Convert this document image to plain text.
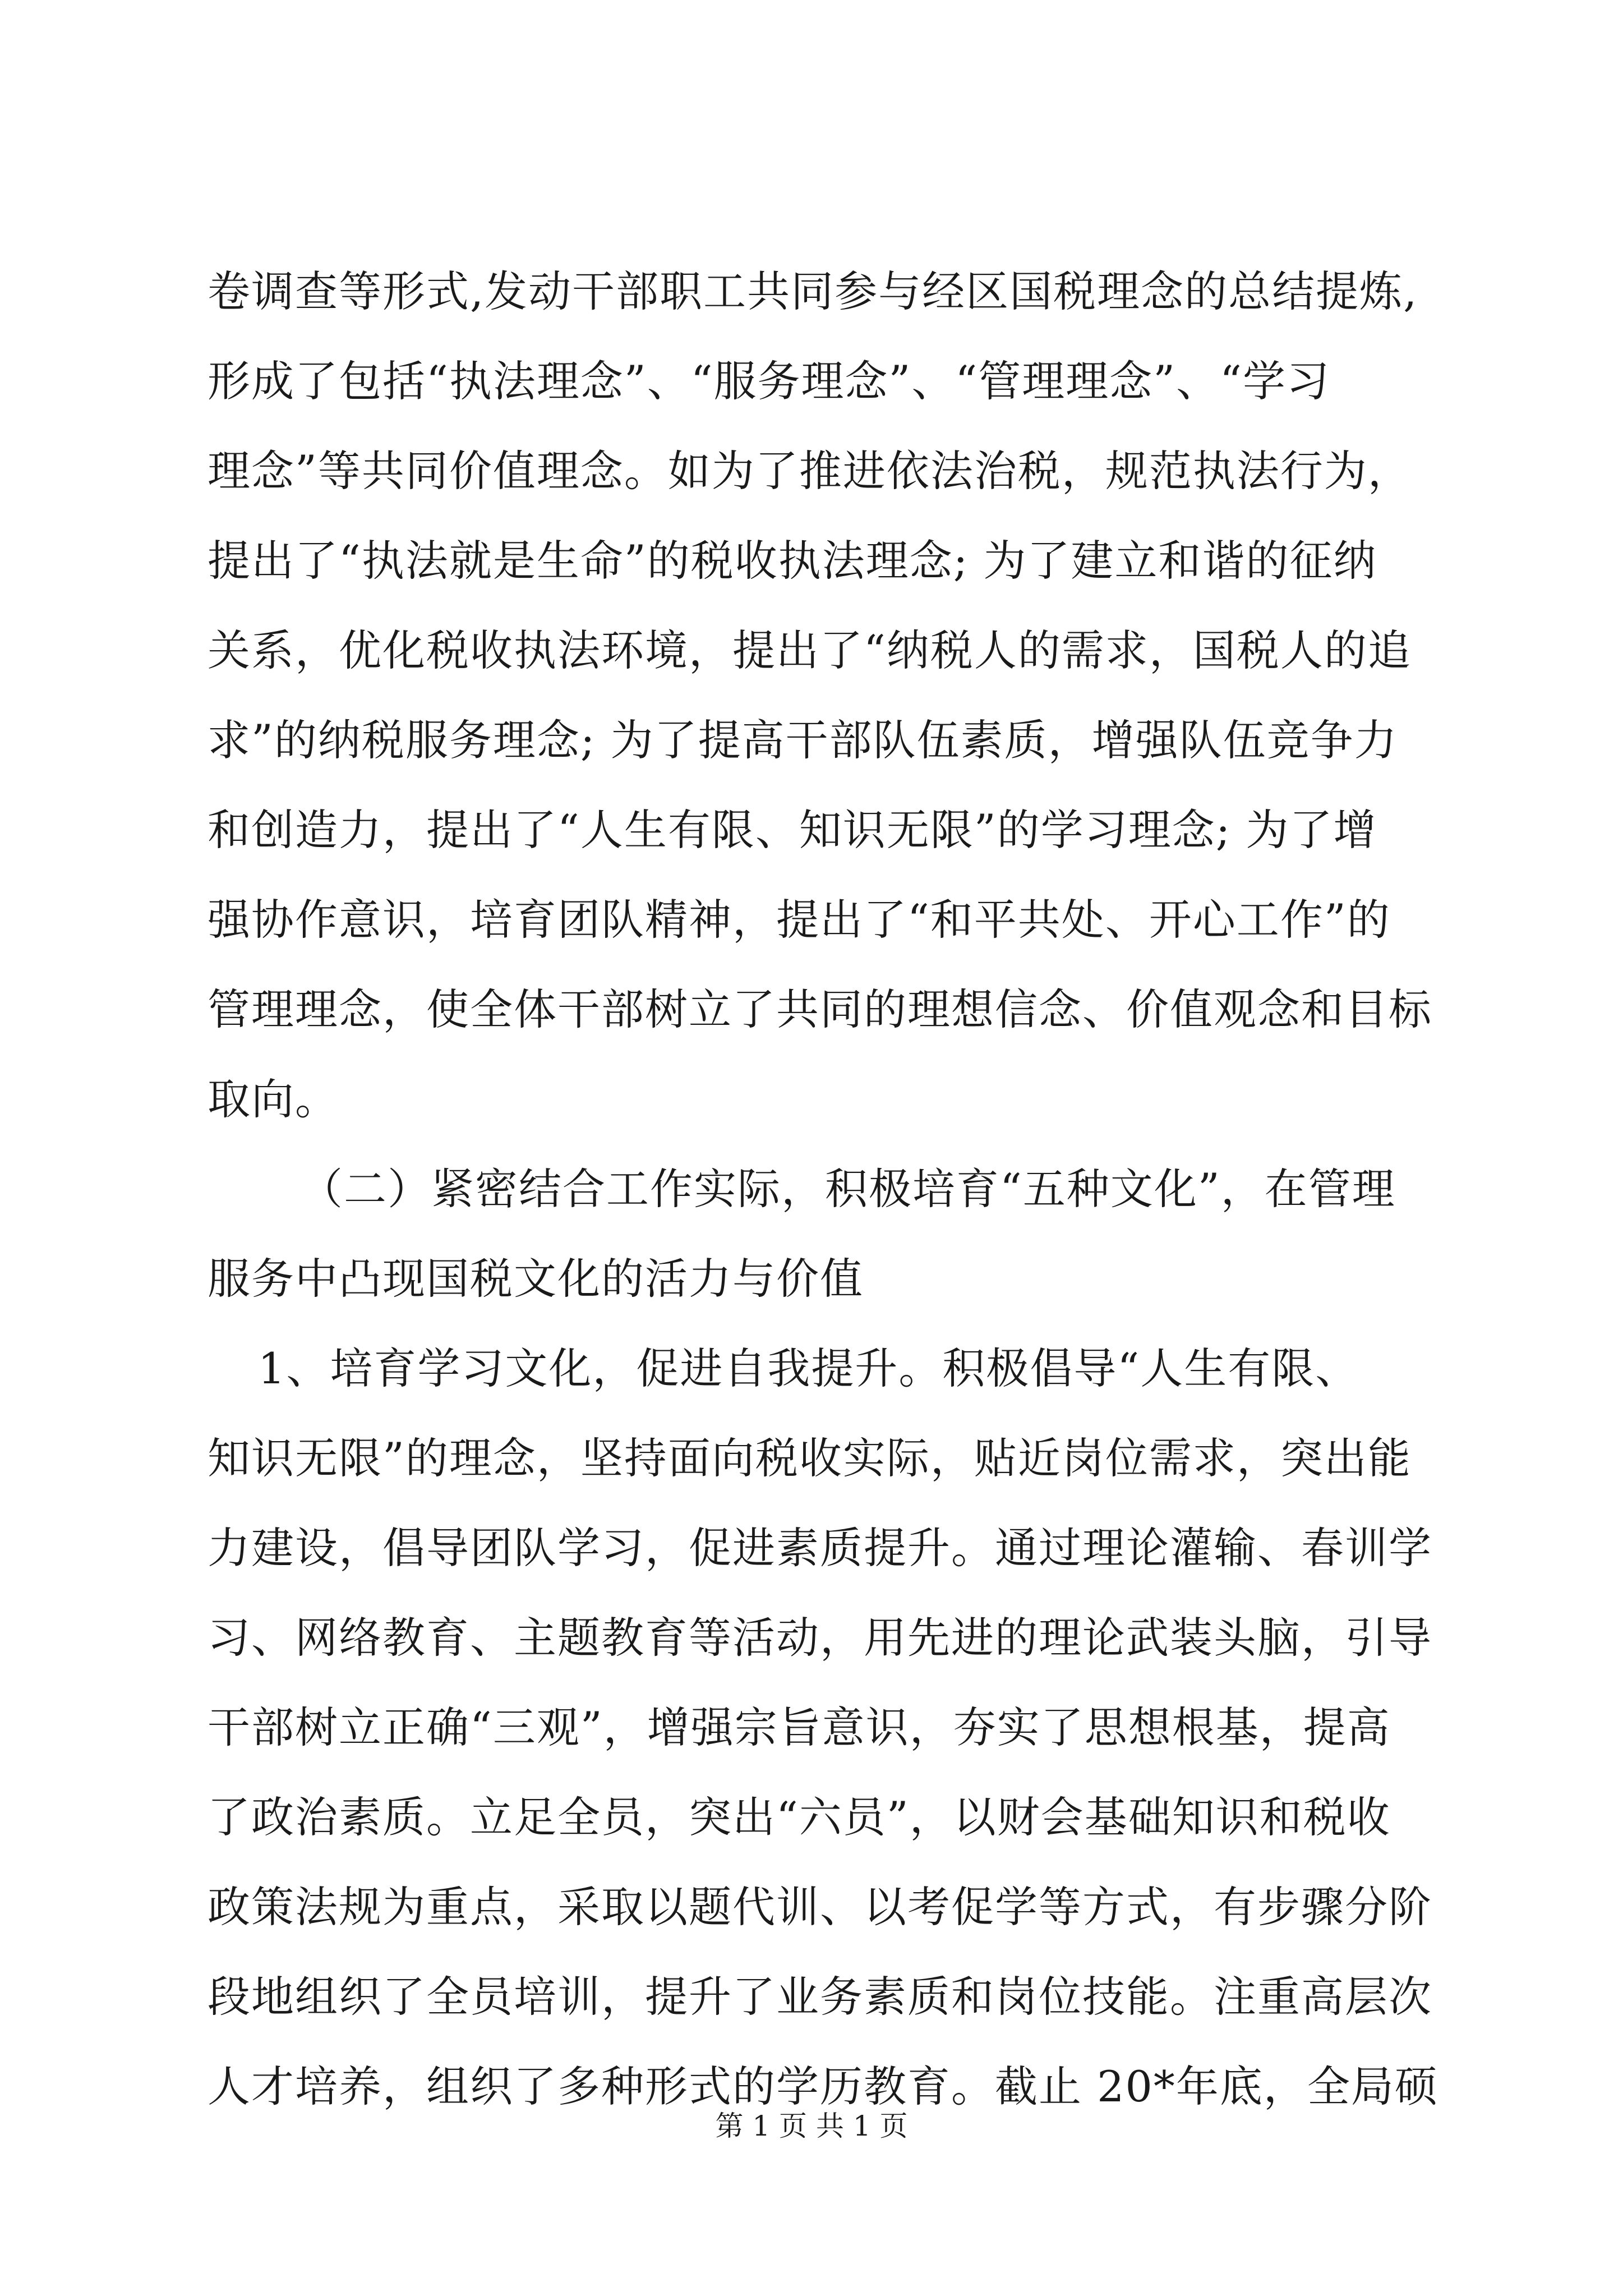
卷调查等形式,发动干部职工共同参与经区国税理念的总结提炼,
形成了包括“执法理念”、“服务理念”、“管理理念”、“学习
理念”等共同价值理念。如为了推进依法治税，规范执法行为，
提出了“执法就是生命”的税收执法理念; 为了建立和谐的征纳
关系，优化税收执法环境，提出了“纳税人的需求，国税人的追
求”的纳税服务理念; 为了提高干部队伍素质，增强队伍竞争力
和创造力，提出了“人生有限、知识无限”的学习理念; 为了增
强协作意识，培育团队精神，提出了“和平共处、开心工作”的
管理理念，使全体干部树立了共同的理想信念、价值观念和目标
取向。
（二）紧密结合工作实际，积极培育“五种文化”，在管理
服务中凸现国税文化的活力与价值
1、培育学习文化，促进自我提升。积极倡导“人生有限、
知识无限”的理念，坚持面向税收实际，贴近岗位需求，突出能
力建设，倡导团队学习，促进素质提升。通过理论灌输、春训学
习、网络教育、主题教育等活动，用先进的理论武装头脑，引导
干部树立正确“三观”，增强宗旨意识，夯实了思想根基，提高
了政治素质。立足全员，突出“六员”，以财会基础知识和税收
政策法规为重点，采取以题代训、以考促学等方式，有步骤分阶
段地组织了全员培训，提升了业务素质和岗位技能。注重高层次
人才培养，组织了多种形式的学历教育。截止 20*年底，全局硕
第 1 页 共 1 页
